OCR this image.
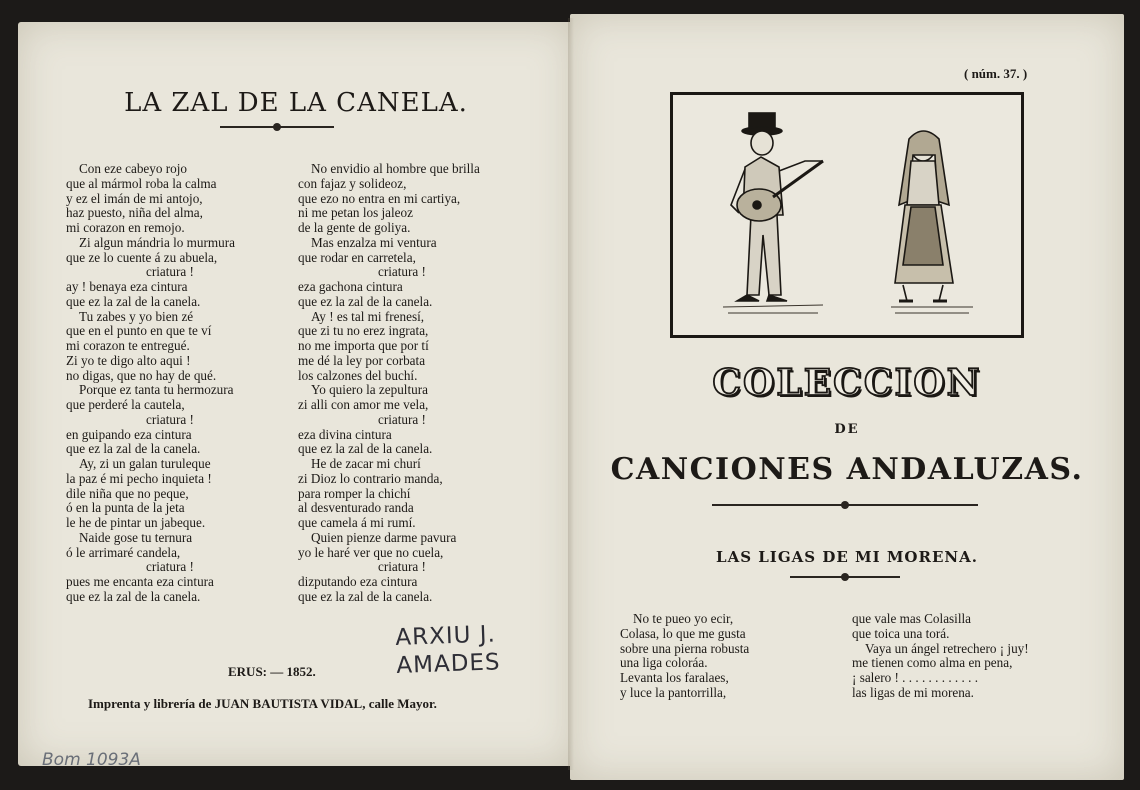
LA ZAL DE LA CANELA.
Con eze cabeyo rojo
que al mármol roba la calma
y ez el imán de mi antojo,
haz puesto, niña del alma,
mi corazon en remojo.
Zi algun mándria lo murmura
que ze lo cuente á zu abuela,
criatura !
ay ! benaya eza cintura
que ez la zal de la canela.
Tu zabes y yo bien zé
que en el punto en que te ví
mi corazon te entregué.
Zi yo te digo alto aqui !
no digas, que no hay de qué.
Porque ez tanta tu hermozura
que perderé la cautela,
criatura !
en guipando eza cintura
que ez la zal de la canela.
Ay, zi un galan turuleque
la paz é mi pecho inquieta !
dile niña que no peque,
ó en la punta de la jeta
le he de pintar un jabeque.
Naide gose tu ternura
ó le arrimaré candela,
criatura !
pues me encanta eza cintura
que ez la zal de la canela.
No envidio al hombre que brilla
con fajaz y solideoz,
que ezo no entra en mi cartiya,
ni me petan los jaleoz
de la gente de goliya.
Mas enzalza mi ventura
que rodar en carretela,
criatura !
eza gachona cintura
que ez la zal de la canela.
Ay ! es tal mi frenesí,
que zi tu no erez ingrata,
no me importa que por tí
me dé la ley por corbata
los calzones del buchí.
Yo quiero la zepultura
zi alli con amor me vela,
criatura !
eza divina cintura
que ez la zal de la canela.
He de zacar mi churí
zi Dioz lo contrario manda,
para romper la chichí
al desventurado randa
que camela á mi rumí.
Quien pienze darme pavura
yo le haré ver que no cuela,
criatura !
dizputando eza cintura
que ez la zal de la canela.
ERUS: — 1852.
Imprenta y librería de JUAN BAUTISTA VIDAL, calle Mayor.
ARXIU J.
AMADES
Bom 1093A
( núm. 37. )
COLECCION
DE
CANCIONES ANDALUZAS.
LAS LIGAS DE MI MORENA.
No te pueo yo ecir,
Colasa, lo que me gusta
sobre una pierna robusta
una liga coloráa.
Levanta los faralaes,
y luce la pantorrilla,
que vale mas Colasilla
que toica una torá.
Vaya un ángel retrechero ¡ juy!
me tienen como alma en pena,
¡ salero ! . . . . . . . . . . . .
las ligas de mi morena.
